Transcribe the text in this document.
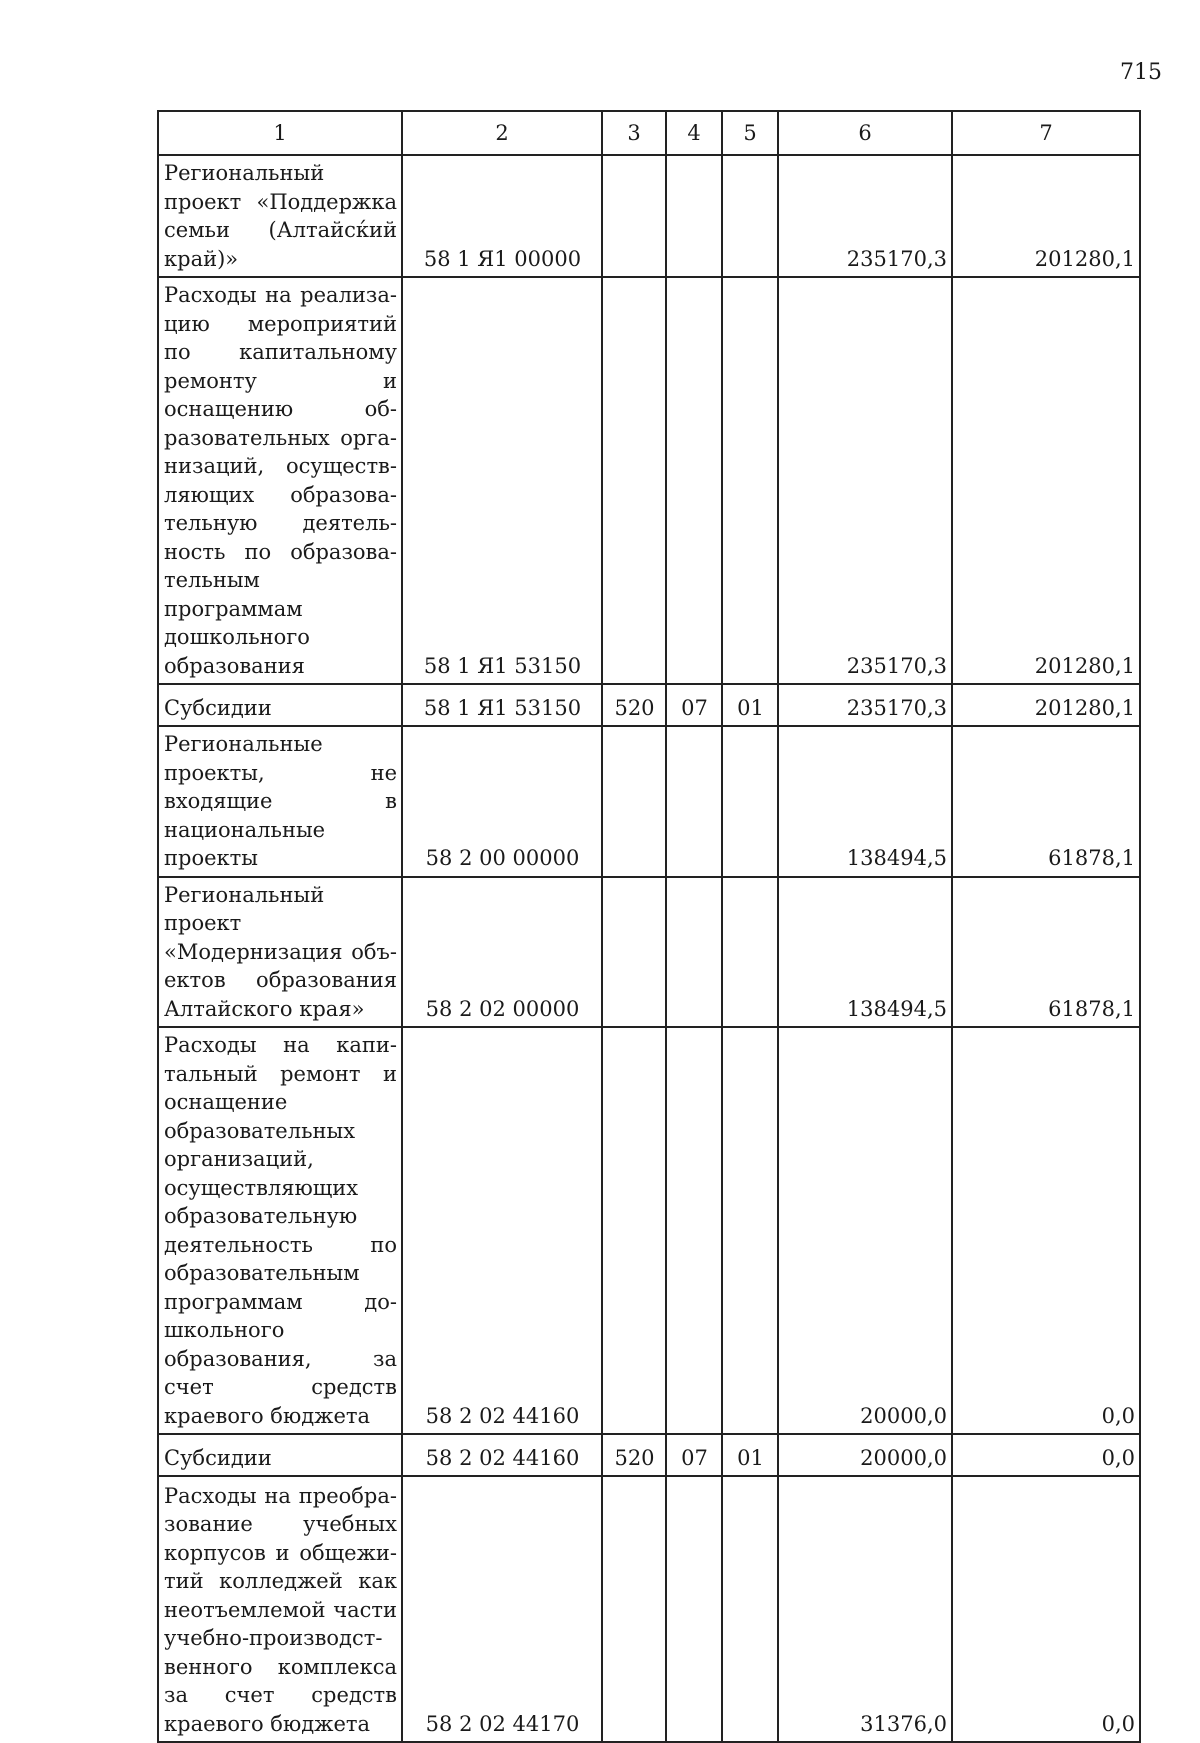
715
1	2	3	4	5	6	7
Региональный проект «Поддержка семьи (Алтайсќий край)»	58 1 Я1 00000				235170,3	201280,1
Расходы на реализацию мероприятий по капитальному ремонту и оснащению образовательных организаций, осуществляющих образовательную деятельность по образовательным программам дошкольного образования	58 1 Я1 53150				235170,3	201280,1
Субсидии	58 1 Я1 53150	520	07	01	235170,3	201280,1
Региональные проекты, не входящие в национальные проекты	58 2 00 00000				138494,5	61878,1
Региональный проект «Модернизация объектов образования Алтайского края»	58 2 02 00000				138494,5	61878,1
Расходы на капитальный ремонт и оснащение образовательных организаций, осуществляющих образовательную деятельность по образовательным программам дошкольного образования, за счет средств краевого бюджета	58 2 02 44160				20000,0	0,0
Субсидии	58 2 02 44160	520	07	01	20000,0	0,0
Расходы на преобразование учебных корпусов и общежитий колледжей как неотъемлемой части учебно-производственного комплекса за счет средств краевого бюджета	58 2 02 44170				31376,0	0,0
